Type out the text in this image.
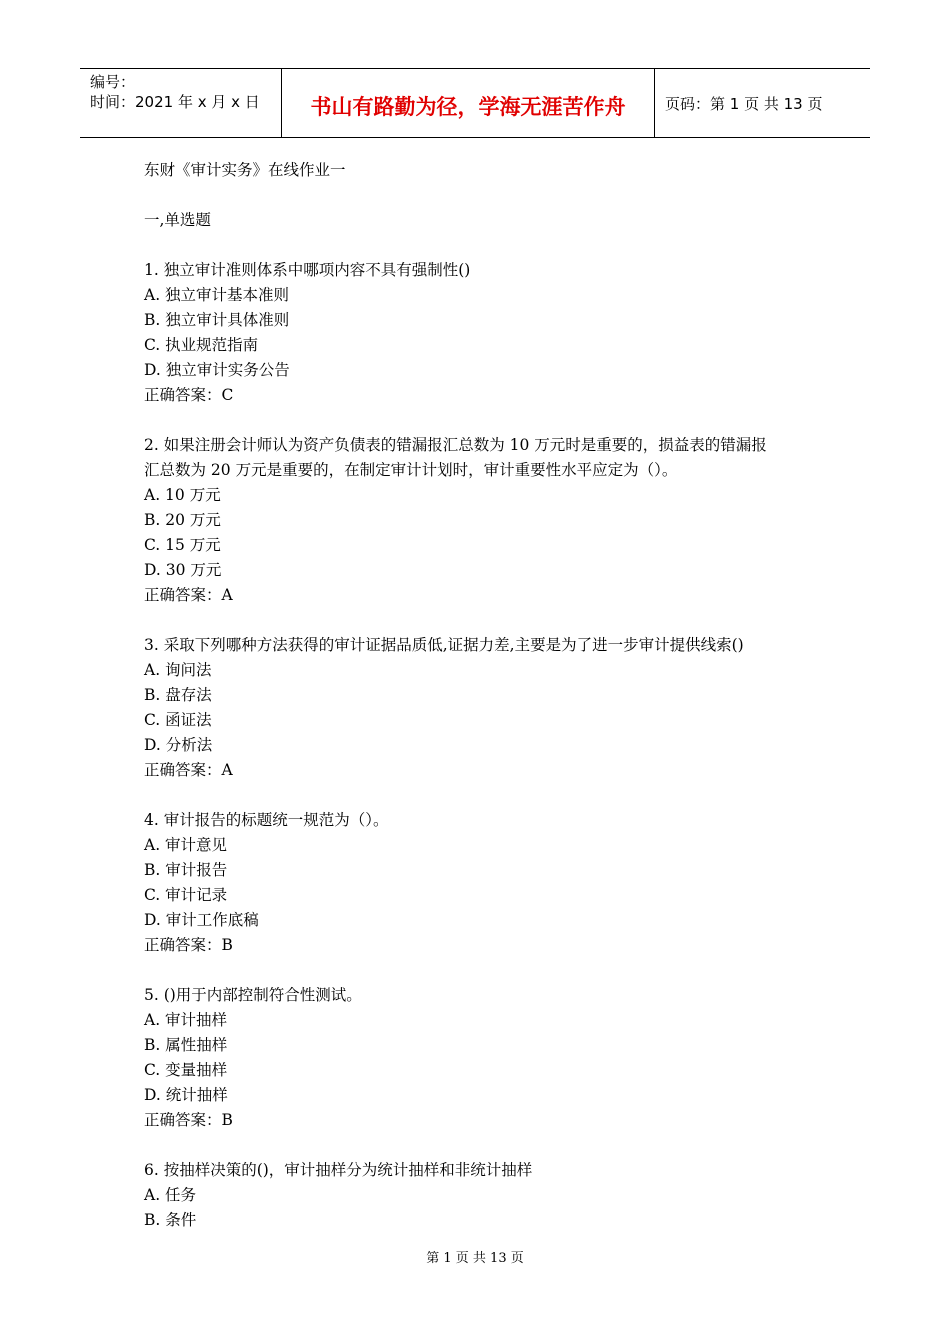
编号：
时间：2021 年 x 月 x 日	书山有路勤为径，学海无涯苦作舟	页码：第 1 页 共 13 页

东财《审计实务》在线作业一

一,单选题

1. 独立审计准则体系中哪项内容不具有强制性()

A. 独立审计基本准则

B. 独立审计具体准则

C. 执业规范指南

D. 独立审计实务公告

正确答案：C

2. 如果注册会计师认为资产负债表的错漏报汇总数为 10 万元时是重要的，损益表的错漏报

汇总数为 20 万元是重要的，在制定审计计划时，审计重要性水平应定为（）。

A. 10 万元

B. 20 万元

C. 15 万元

D. 30 万元

正确答案：A

3. 采取下列哪种方法获得的审计证据品质低,证据力差,主要是为了进一步审计提供线索()

A. 询问法

B. 盘存法

C. 函证法

D. 分析法

正确答案：A

4. 审计报告的标题统一规范为（）。

A. 审计意见

B. 审计报告

C. 审计记录

D. 审计工作底稿

正确答案：B

5. ()用于内部控制符合性测试。

A. 审计抽样

B. 属性抽样

C. 变量抽样

D. 统计抽样

正确答案：B

6. 按抽样决策的()，审计抽样分为统计抽样和非统计抽样

A. 任务

B. 条件

第 1 页 共 13 页
